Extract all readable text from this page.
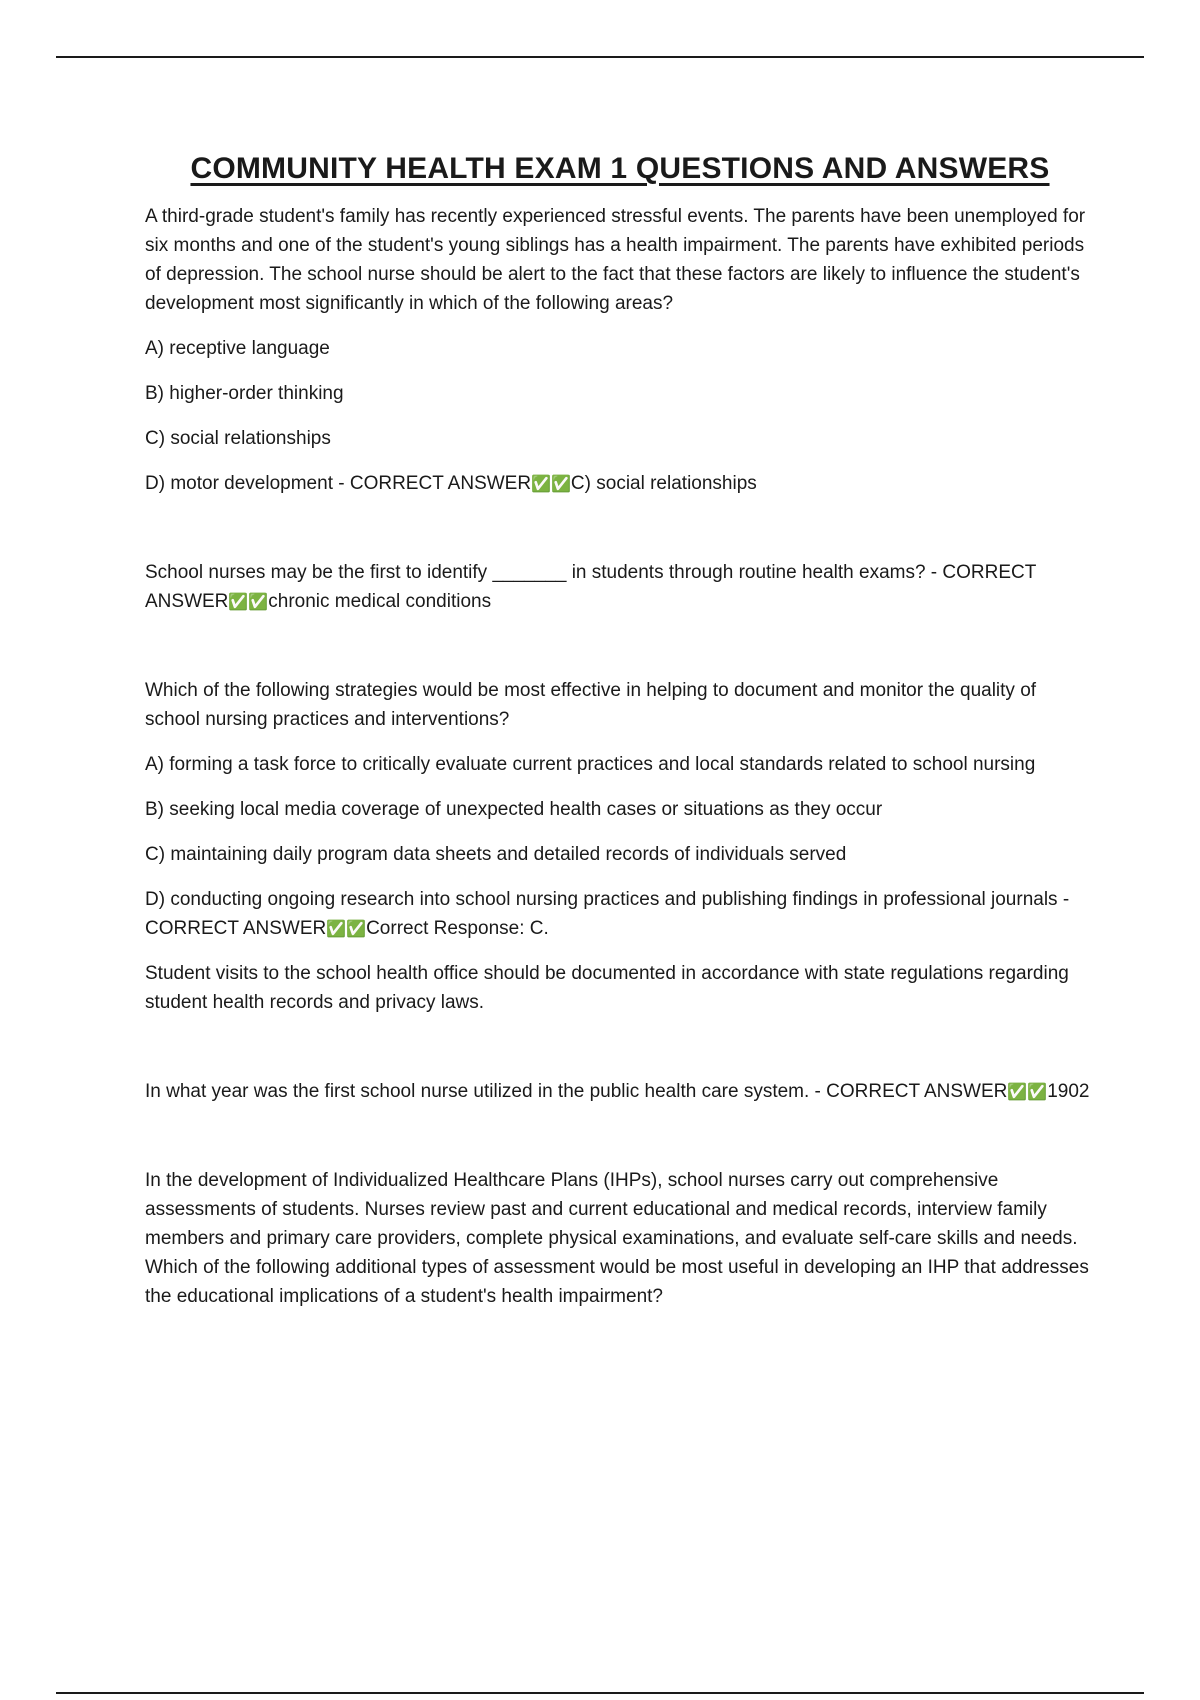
COMMUNITY HEALTH EXAM 1 QUESTIONS AND ANSWERS

A third-grade student's family has recently experienced stressful events. The parents have been unemployed for six months and one of the student's young siblings has a health impairment. The parents have exhibited periods of depression. The school nurse should be alert to the fact that these factors are likely to influence the student's development most significantly in which of the following areas?

A) receptive language

B) higher-order thinking

C) social relationships

D) motor development - CORRECT ANSWER✅✅C) social relationships

School nurses may be the first to identify _______ in students through routine health exams? - CORRECT ANSWER✅✅chronic medical conditions

Which of the following strategies would be most effective in helping to document and monitor the quality of school nursing practices and interventions?

A) forming a task force to critically evaluate current practices and local standards related to school nursing

B) seeking local media coverage of unexpected health cases or situations as they occur

C) maintaining daily program data sheets and detailed records of individuals served

D) conducting ongoing research into school nursing practices and publishing findings in professional journals - CORRECT ANSWER✅✅Correct Response: C.

Student visits to the school health office should be documented in accordance with state regulations regarding student health records and privacy laws.

In what year was the first school nurse utilized in the public health care system. - CORRECT ANSWER✅✅1902

In the development of Individualized Healthcare Plans (IHPs), school nurses carry out comprehensive assessments of students. Nurses review past and current educational and medical records, interview family members and primary care providers, complete physical examinations, and evaluate self-care skills and needs. Which of the following additional types of assessment would be most useful in developing an IHP that addresses the educational implications of a student's health impairment?
